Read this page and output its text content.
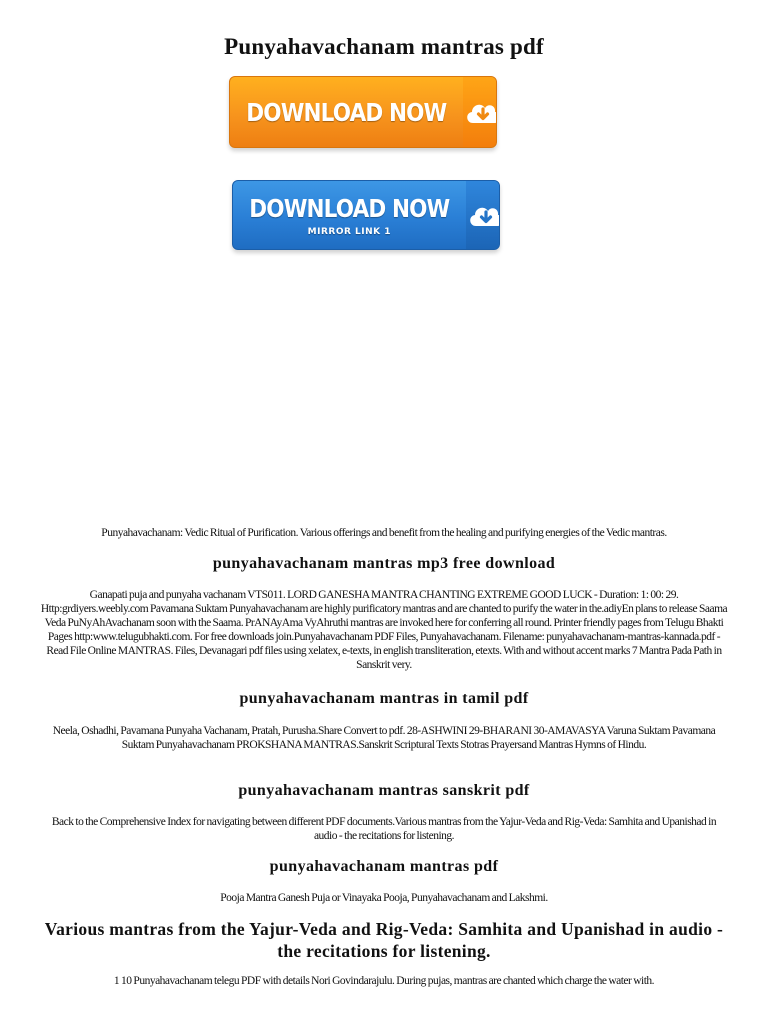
Punyahavachanam mantras pdf
DOWNLOAD NOW
DOWNLOAD NOW
MIRROR LINK 1
Punyahavachanam: Vedic Ritual of Purification. Various offerings and benefit from the healing and purifying energies of the Vedic mantras.
punyahavachanam mantras mp3 free download
Ganapati puja and punyaha vachanam VTS011. LORD GANESHA MANTRA CHANTING EXTREME GOOD LUCK - Duration: 1: 00: 29. Http:grdiyers.weebly.com Pavamana Suktam Punyahavachanam are highly purificatory mantras and are chanted to purify the water in the.adiyEn plans to release Saama Veda PuNyAhAvachanam soon with the Saama. PrANAyAma VyAhruthi mantras are invoked here for conferring all round. Printer friendly pages from Telugu Bhakti Pages http:www.telugubhakti.com. For free downloads join.Punyahavachanam PDF Files, Punyahavachanam. Filename: punyahavachanam-mantras-kannada.pdf - Read File Online MANTRAS. Files, Devanagari pdf files using xelatex, e-texts, in english transliteration, etexts. With and without accent marks 7 Mantra Pada Path in Sanskrit very.
punyahavachanam mantras in tamil pdf
Neela, Oshadhi, Pavamana Punyaha Vachanam, Pratah, Purusha.Share Convert to pdf. 28-ASHWINI 29-BHARANI 30-AMAVASYA Varuna Suktam Pavamana Suktam Punyahavachanam PROKSHANA MANTRAS.Sanskrit Scriptural Texts Stotras Prayersand Mantras Hymns of Hindu.
punyahavachanam mantras sanskrit pdf
Back to the Comprehensive Index for navigating between different PDF documents.Various mantras from the Yajur-Veda and Rig-Veda: Samhita and Upanishad in audio - the recitations for listening.
punyahavachanam mantras pdf
Pooja Mantra Ganesh Puja or Vinayaka Pooja, Punyahavachanam and Lakshmi.
Various mantras from the Yajur-Veda and Rig-Veda: Samhita and Upanishad in audio - the recitations for listening.
1 10 Punyahavachanam telegu PDF with details Nori Govindarajulu. During pujas, mantras are chanted which charge the water with.
